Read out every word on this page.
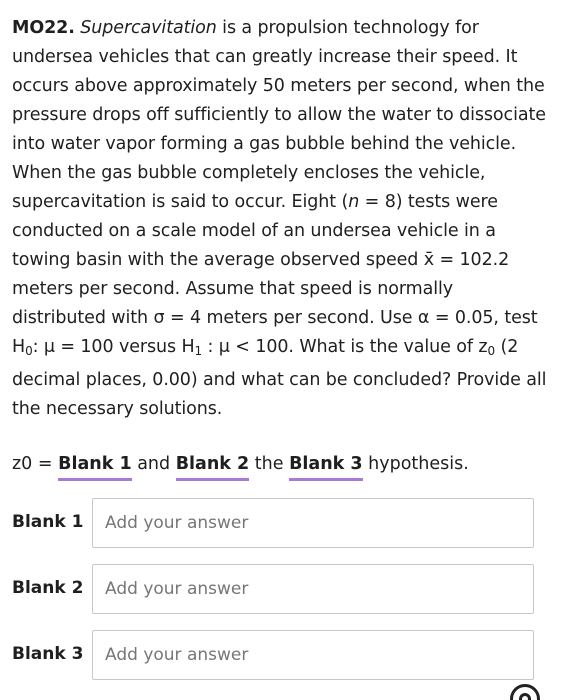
MO22. Supercavitation is a propulsion technology for undersea vehicles that can greatly increase their speed. It occurs above approximately 50 meters per second, when the pressure drops off sufficiently to allow the water to dissociate into water vapor forming a gas bubble behind the vehicle. When the gas bubble completely encloses the vehicle, supercavitation is said to occur. Eight (n = 8) tests were conducted on a scale model of an undersea vehicle in a towing basin with the average observed speed x̄ = 102.2 meters per second. Assume that speed is normally distributed with σ = 4 meters per second. Use α = 0.05, test $H_0$: μ = 100 versus $H_1$ : μ < 100. What is the value of $z_0$ (2 decimal places, 0.00) and what can be concluded? Provide all the necessary solutions.

z0 = Blank 1 and Blank 2 the Blank 3 hypothesis.
Blank 1
Add your answer
Blank 2
Add your answer
Blank 3
Add your answer
